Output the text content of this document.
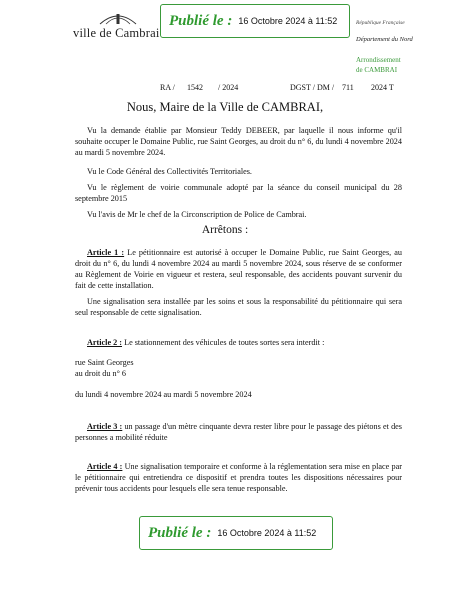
ville de Cambrai
Publié le : 16 Octobre 2024 à 11:52	République Française
Département du Nord
Arrondissement
de CAMBRAI
RA / 1542 / 2024	DGST / DM / 711 2024 T
Nous, Maire de la Ville de CAMBRAI,
Vu la demande établie par Monsieur Teddy DEBEER, par laquelle il nous informe qu'il souhaite occuper le Domaine Public, rue Saint Georges, au droit du n° 6, du lundi 4 novembre 2024 au mardi 5 novembre 2024.
Vu le Code Général des Collectivités Territoriales.
Vu le règlement de voirie communale adopté par la séance du conseil municipal du 28 septembre 2015
Vu l'avis de Mr le chef de la Circonscription de Police de Cambrai.
Arrêtons :
Article 1 : Le pétitionnaire est autorisé à occuper le Domaine Public, rue Saint Georges, au droit du n° 6, du lundi 4 novembre 2024 au mardi 5 novembre 2024, sous réserve de se conformer au Règlement de Voirie en vigueur et restera, seul responsable, des accidents pouvant survenir du fait de cette installation.
Une signalisation sera installée par les soins et sous la responsabilité du pétitionnaire qui sera seul responsable de cette signalisation.
Article 2 : Le stationnement des véhicules de toutes sortes sera interdit :
rue Saint Georges
au droit du n° 6
du lundi 4 novembre 2024 au mardi 5 novembre 2024
Article 3 : un passage d'un mètre cinquante devra rester libre pour le passage des piétons et des personnes a mobilité réduite
Article 4 : Une signalisation temporaire et conforme à la réglementation sera mise en place par le pétitionnaire qui entretiendra ce dispositif et prendra toutes les dispositions nécessaires pour prévenir tous accidents pour lesquels elle sera tenue responsable.
Publié le : 16 Octobre 2024 à 11:52
